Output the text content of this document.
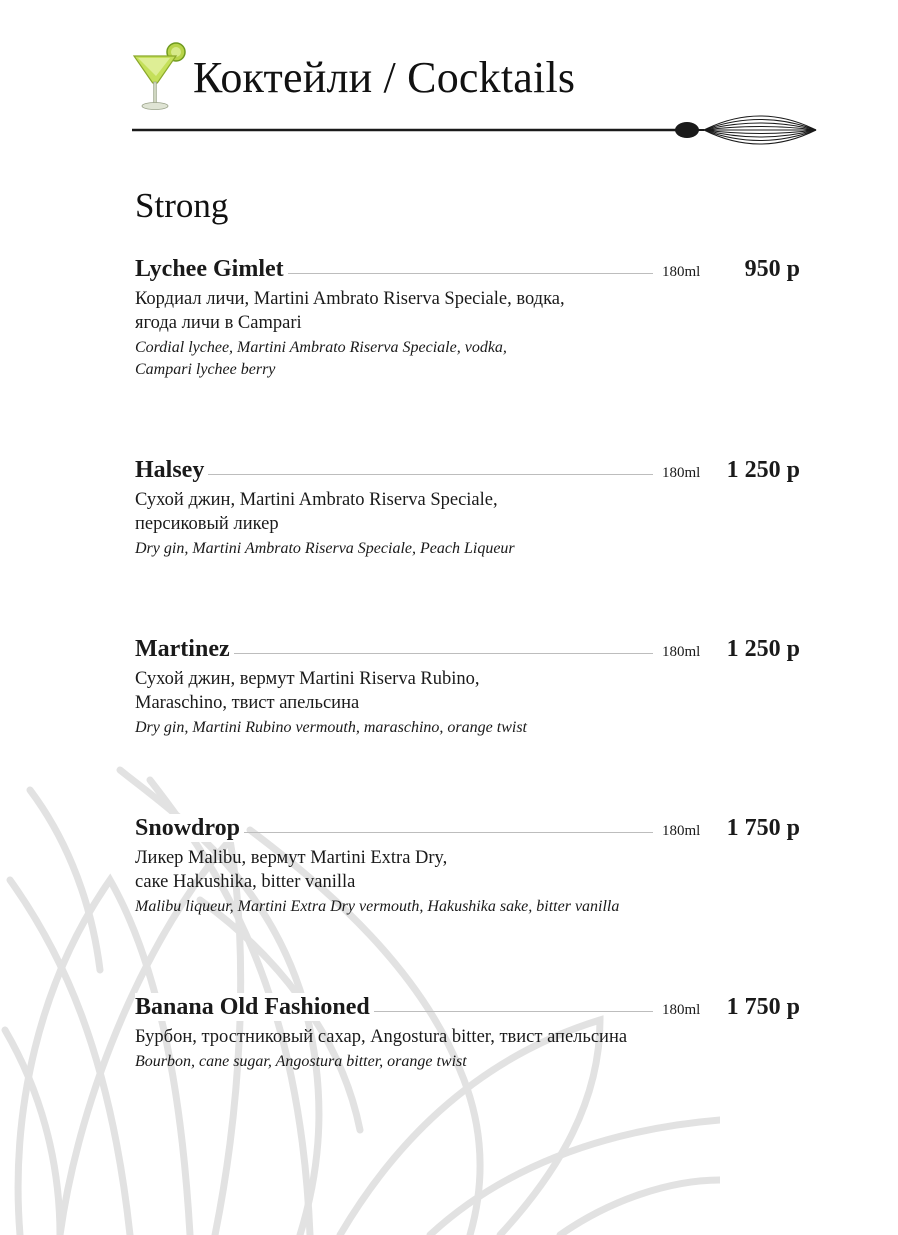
Коктейли / Cocktails
Strong
Lychee Gimlet	180ml 950 р

Кордиал личи, Martini Ambrato Riserva Speciale, водка,
ягода личи в Campari

Cordial lychee, Martini Ambrato Riserva Speciale, vodka,
Campari lychee berry

Halsey	180ml 1 250 р

Сухой джин, Martini Ambrato Riserva Speciale,
персиковый ликер

Dry gin, Martini Ambrato Riserva Speciale, Peach Liqueur

Martinez	180ml 1 250 р

Сухой джин, вермут Martini Riserva Rubino,
Maraschino, твист апельсина

Dry gin, Martini Rubino vermouth, maraschino, orange twist

Snowdrop	180ml 1 750 р

Ликер Malibu, вермут Martini Extra Dry,
саке Hakushika, bitter vanilla

Malibu liqueur, Martini Extra Dry vermouth, Hakushika sake, bitter vanilla

Banana Old Fashioned	180ml 1 750 р

Бурбон, тростниковый сахар, Angostura bitter, твист апельсина

Bourbon, cane sugar, Angostura bitter, orange twist
